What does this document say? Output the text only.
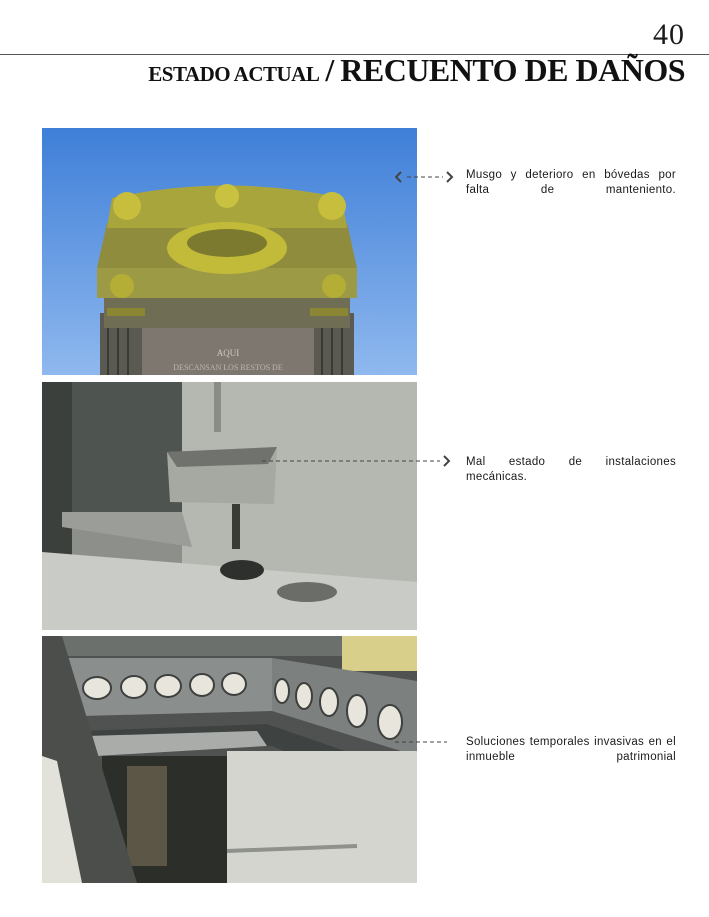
40
ESTADO ACTUAL / RECUENTO DE DAÑOS
AQUI
DESCANSAN LOS RESTOS DE
Musgo y deterioro en bóvedas por falta de manteniento.
Mal estado de instalaciones mecánicas.
Soluciones temporales invasivas en el inmueble patrimonial
